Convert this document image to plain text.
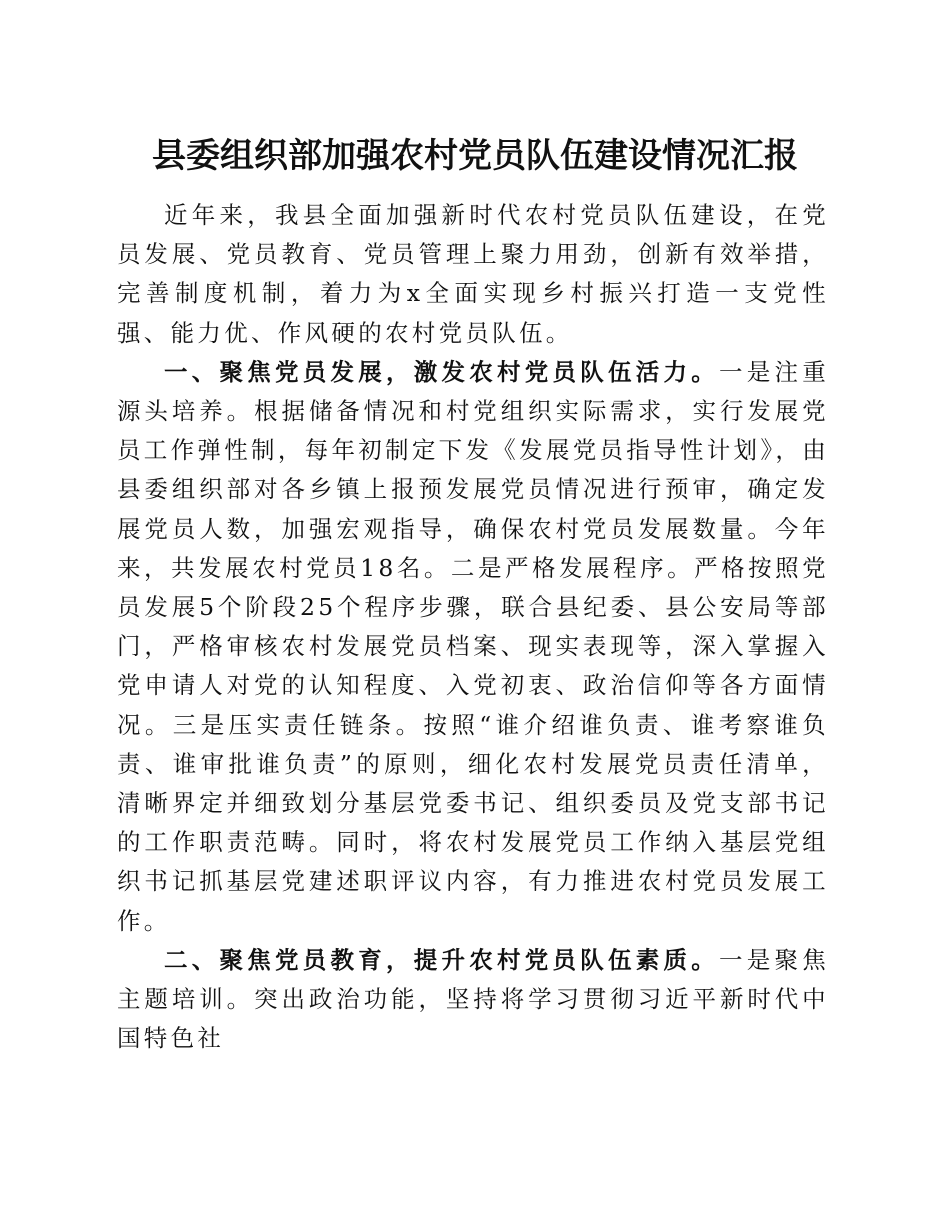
县委组织部加强农村党员队伍建设情况汇报

近年来，我县全面加强新时代农村党员队伍建设，在党员发展、党员教育、党员管理上聚力用劲，创新有效举措，完善制度机制，着力为x全面实现乡村振兴打造一支党性强、能力优、作风硬的农村党员队伍。

一、聚焦党员发展，激发农村党员队伍活力。一是注重源头培养。根据储备情况和村党组织实际需求，实行发展党员工作弹性制，每年初制定下发《发展党员指导性计划》，由县委组织部对各乡镇上报预发展党员情况进行预审，确定发展党员人数，加强宏观指导，确保农村党员发展数量。今年来，共发展农村党员18名。二是严格发展程序。严格按照党员发展5个阶段25个程序步骤，联合县纪委、县公安局等部门，严格审核农村发展党员档案、现实表现等，深入掌握入党申请人对党的认知程度、入党初衷、政治信仰等各方面情况。三是压实责任链条。按照“谁介绍谁负责、谁考察谁负责、谁审批谁负责”的原则，细化农村发展党员责任清单，清晰界定并细致划分基层党委书记、组织委员及党支部书记的工作职责范畴。同时，将农村发展党员工作纳入基层党组织书记抓基层党建述职评议内容，有力推进农村党员发展工作。

二、聚焦党员教育，提升农村党员队伍素质。一是聚焦主题培训。突出政治功能，坚持将学习贯彻习近平新时代中国特色社
